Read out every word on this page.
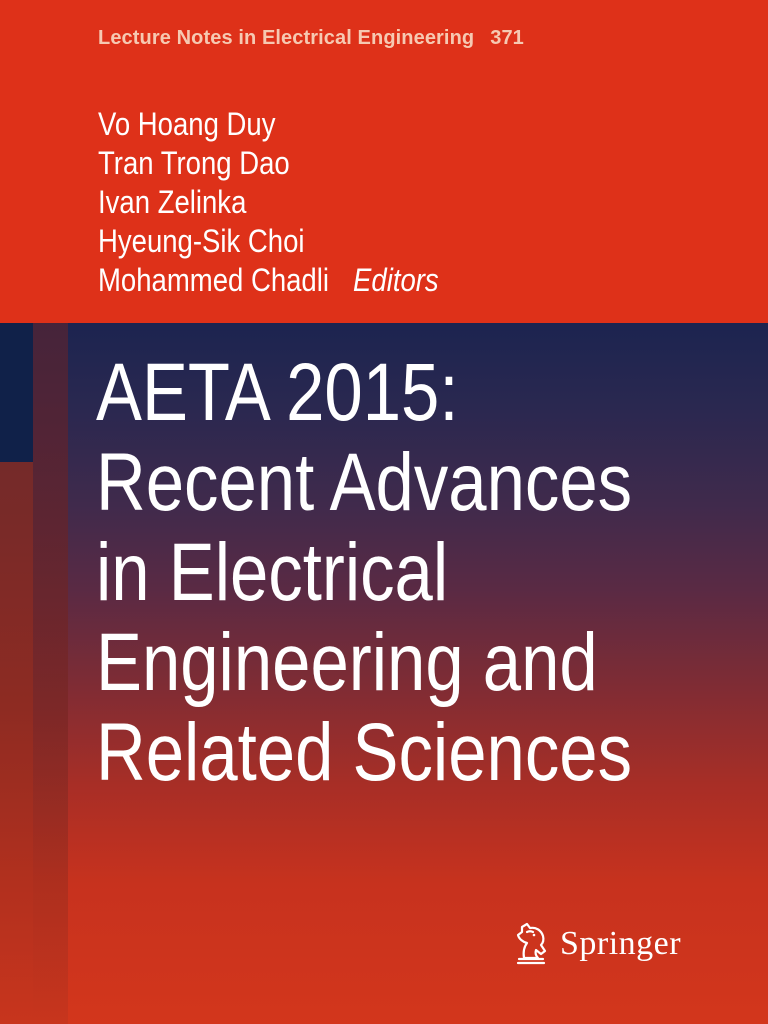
Lecture Notes in Electrical Engineering 371
Vo Hoang Duy
Tran Trong Dao
Ivan Zelinka
Hyeung-Sik Choi
Mohammed Chadli Editors
AETA 2015:
Recent Advances
in Electrical
Engineering and
Related Sciences
Springer
